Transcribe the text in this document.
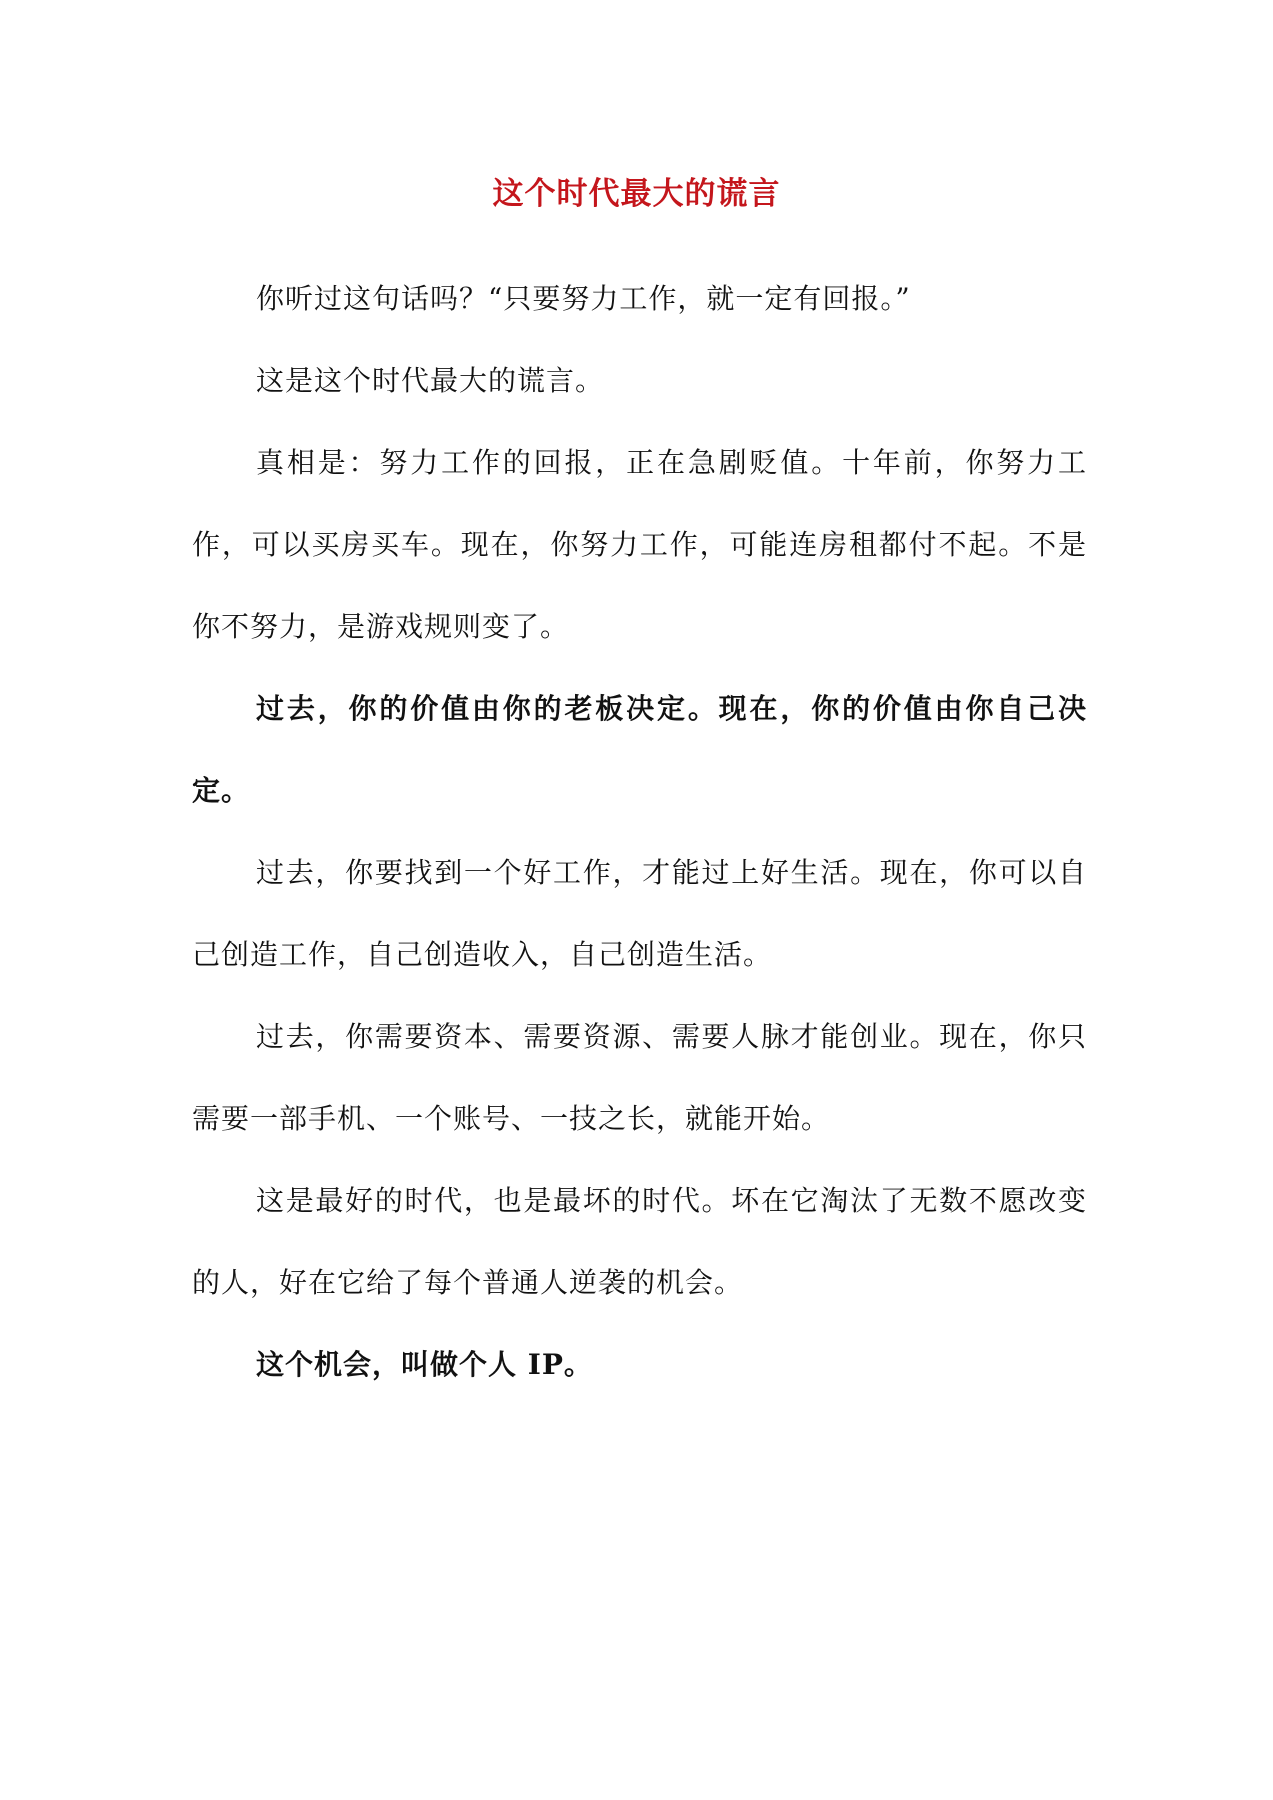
这个时代最大的谎言

你听过这句话吗？“只要努力工作，就一定有回报。”

这是这个时代最大的谎言。

真相是：努力工作的回报，正在急剧贬值。十年前，你努力工作，可以买房买车。现在，你努力工作，可能连房租都付不起。不是你不努力，是游戏规则变了。

过去，你的价值由你的老板决定。现在，你的价值由你自己决定。

过去，你要找到一个好工作，才能过上好生活。现在，你可以自己创造工作，自己创造收入，自己创造生活。

过去，你需要资本、需要资源、需要人脉才能创业。现在，你只需要一部手机、一个账号、一技之长，就能开始。

这是最好的时代，也是最坏的时代。坏在它淘汰了无数不愿改变的人，好在它给了每个普通人逆袭的机会。

这个机会，叫做个人 IP。
